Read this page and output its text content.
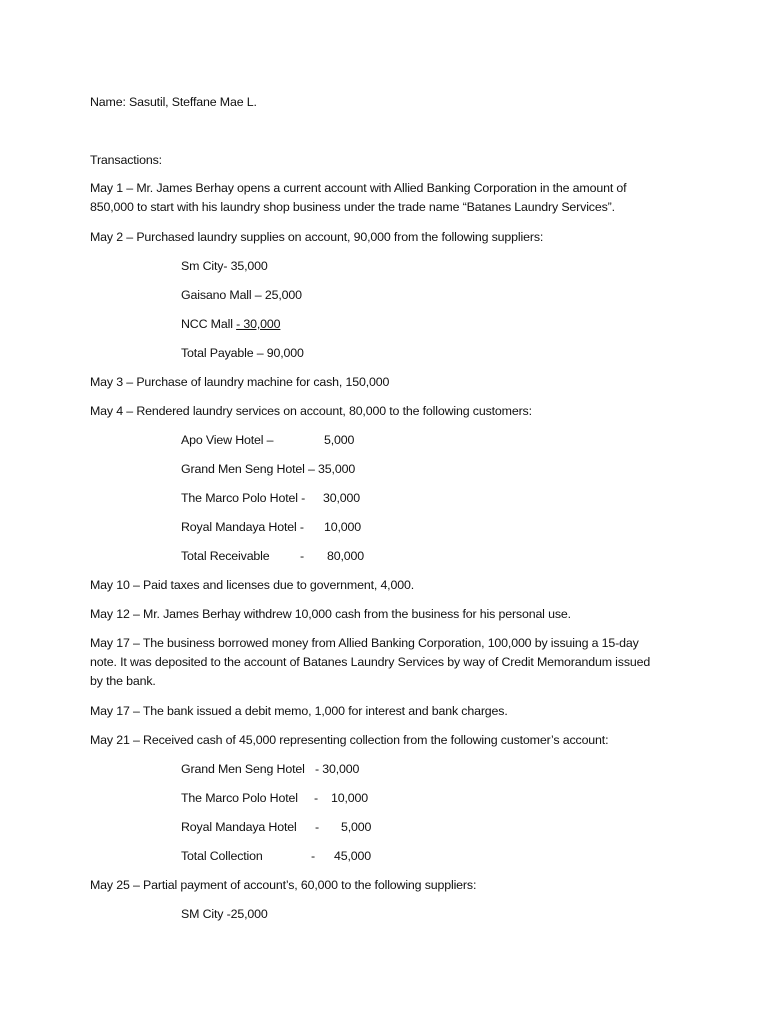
Name: Sasutil, Steffane Mae L.

Transactions:

May 1 – Mr. James Berhay opens a current account with Allied Banking Corporation in the amount of

850,000 to start with his laundry shop business under the trade name “Batanes Laundry Services”.

May 2 – Purchased laundry supplies on account, 90,000 from the following suppliers:

Sm City- 35,000

Gaisano Mall – 25,000

NCC Mall - 30,000

Total Payable – 90,000

May 3 – Purchase of laundry machine for cash, 150,000

May 4 – Rendered laundry services on account, 80,000 to the following customers:

Apo View Hotel –	5,000

Grand Men Seng Hotel – 35,000

The Marco Polo Hotel - 30,000

Royal Mandaya Hotel - 10,000

Total Receivable - 80,000

May 10 – Paid taxes and licenses due to government, 4,000.

May 12 – Mr. James Berhay withdrew 10,000 cash from the business for his personal use.

May 17 – The business borrowed money from Allied Banking Corporation, 100,000 by issuing a 15-day

note. It was deposited to the account of Batanes Laundry Services by way of Credit Memorandum issued

by the bank.

May 17 – The bank issued a debit memo, 1,000 for interest and bank charges.

May 21 – Received cash of 45,000 representing collection from the following customer’s account:

Grand Men Seng Hotel - 30,000

The Marco Polo Hotel - 10,000

Royal Mandaya Hotel - 5,000

Total Collection	- 45,000

May 25 – Partial payment of account’s, 60,000 to the following suppliers:

SM City -25,000
